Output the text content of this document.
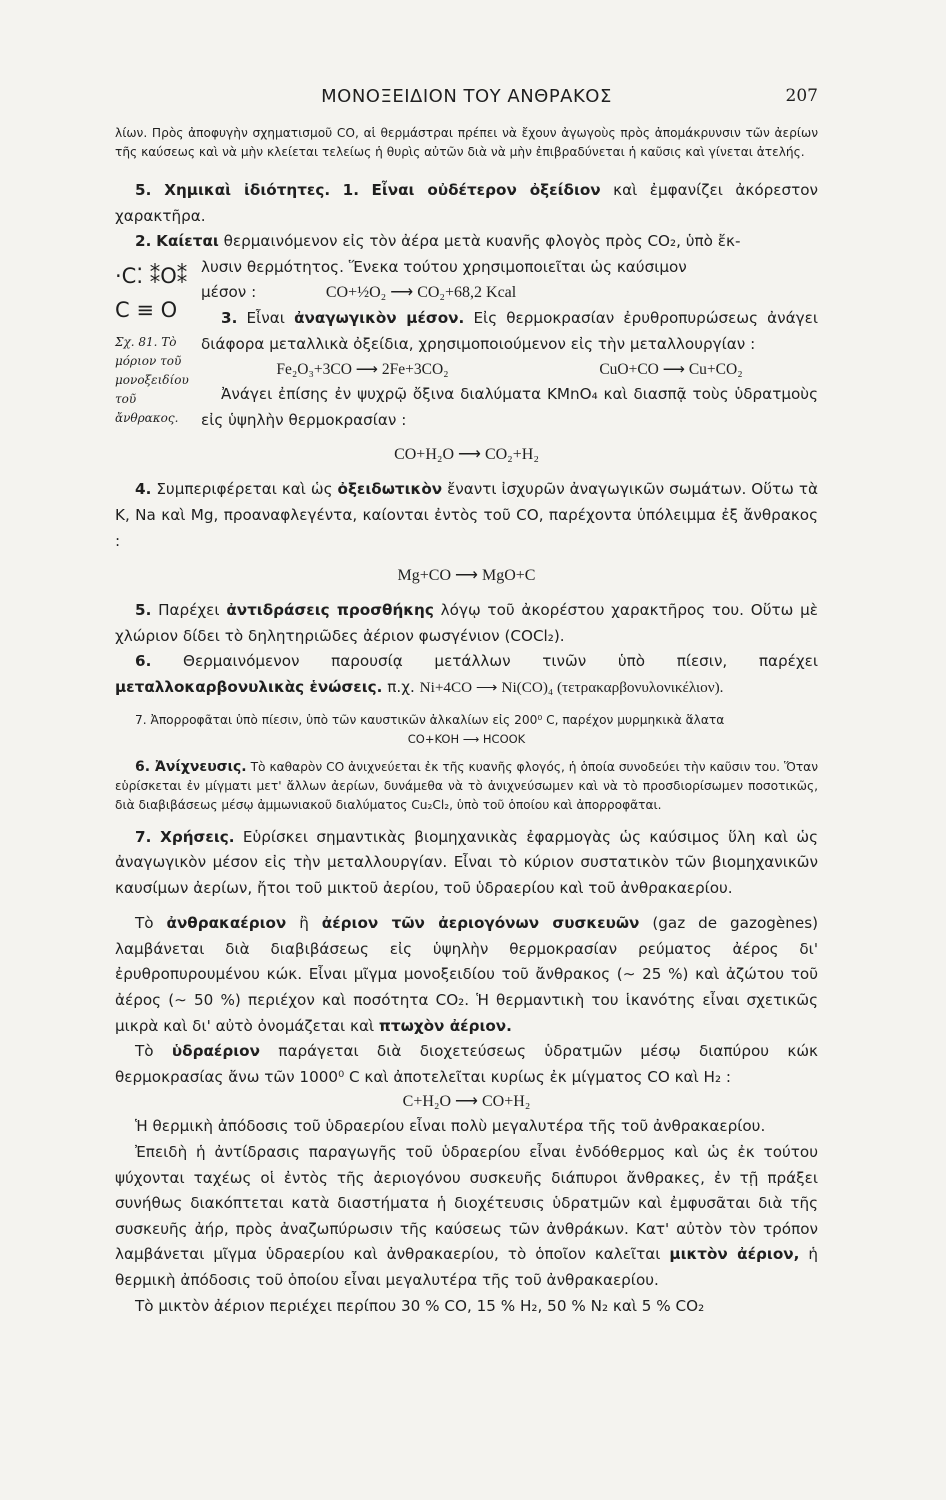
ΜΟΝΟΞΕΙΔΙΟΝ ΤΟΥ ΑΝΘΡΑΚΟΣ	207

λίων. Πρὸς ἀποφυγὴν σχηματισμοῦ CO, αἱ θερμάστραι πρέπει νὰ ἔχουν ἀγωγοὺς πρὸς ἀπομάκρυνσιν τῶν ἀερίων τῆς καύσεως καὶ νὰ μὴν κλείεται τελείως ἡ θυρὶς αὐτῶν διὰ νὰ μὴν ἐπιβραδύνεται ἡ καῦσις καὶ γίνεται ἀτελής.

5. Χημικαὶ ἰδιότητες. 1. Εἶναι οὐδέτερον ὀξείδιον καὶ ἐμφανίζει ἀκόρεστον χαρακτῆρα.

2. Καίεται θερμαινόμενον εἰς τὸν ἀέρα μετὰ κυανῆς φλογὸς πρὸς CO₂, ὑπὸ ἔκ-

·C⁚ ⁑O⁑
C ≡ O
Σχ. 81. Τὸ μόριον τοῦ μονοξειδίου τοῦ ἄνθρακος.

λυσιν θερμότητος. Ἕνεκα τούτου χρησιμοποιεῖται ὡς καύσιμον

μέσον :	CO+½O₂ ⟶ CO₂+68,2 Kcal

3. Εἶναι ἀναγωγικὸν μέσον. Εἰς θερμοκρασίαν ἐρυθροπυρώσεως ἀνάγει διάφορα μεταλλικὰ ὀξείδια, χρησιμοποιούμενον εἰς τὴν μεταλλουργίαν :

Fe₂O₃+3CO ⟶ 2Fe+3CO₂	CuO+CO ⟶ Cu+CO₂

Ἀνάγει ἐπίσης ἐν ψυχρῷ ὄξινα διαλύματα KMnO₄ καὶ διασπᾷ τοὺς ὑδρατμοὺς εἰς ὑψηλὴν θερμοκρασίαν :

CO+H₂O ⟶ CO₂+H₂

4. Συμπεριφέρεται καὶ ὡς ὀξειδωτικὸν ἔναντι ἰσχυρῶν ἀναγωγικῶν σωμάτων. Οὕτω τὰ K, Na καὶ Mg, προαναφλεγέντα, καίονται ἐντὸς τοῦ CO, παρέχοντα ὑπόλειμμα ἐξ ἄνθρακος :

Mg+CO ⟶ MgO+C

5. Παρέχει ἀντιδράσεις προσθήκης λόγῳ τοῦ ἀκορέστου χαρακτῆρος του. Οὕτω μὲ χλώριον δίδει τὸ δηλητηριῶδες ἀέριον φωσγένιον (COCl₂).

6. Θερμαινόμενον παρουσίᾳ μετάλλων τινῶν ὑπὸ πίεσιν, παρέχει μεταλλοκαρβονυλικὰς ἑνώσεις. π.χ. Ni+4CO ⟶ Ni(CO)₄ (τετρακαρβονυλονικέλιον).

7. Ἀπορροφᾶται ὑπὸ πίεσιν, ὑπὸ τῶν καυστικῶν ἀλκαλίων εἰς 200⁰ C, παρέχον μυρμηκικὰ ἅλατα

CO+KOH ⟶ HCOOK

6. Ἀνίχνευσις. Τὸ καθαρὸν CO ἀνιχνεύεται ἐκ τῆς κυανῆς φλογός, ἡ ὁποία συνοδεύει τὴν καῦσιν του. Ὅταν εὑρίσκεται ἐν μίγματι μετ' ἄλλων ἀερίων, δυνάμεθα νὰ τὸ ἀνιχνεύσωμεν καὶ νὰ τὸ προσδιορίσωμεν ποσοτικῶς, διὰ διαβιβάσεως μέσῳ ἀμμωνιακοῦ διαλύματος Cu₂Cl₂, ὑπὸ τοῦ ὁποίου καὶ ἀπορροφᾶται.

7. Χρήσεις. Εὑρίσκει σημαντικὰς βιομηχανικὰς ἐφαρμογὰς ὡς καύσιμος ὕλη καὶ ὡς ἀναγωγικὸν μέσον εἰς τὴν μεταλλουργίαν. Εἶναι τὸ κύριον συστατικὸν τῶν βιομηχανικῶν καυσίμων ἀερίων, ἤτοι τοῦ μικτοῦ ἀερίου, τοῦ ὑδραερίου καὶ τοῦ ἀνθρακαερίου.

Τὸ ἀνθρακαέριον ἢ ἀέριον τῶν ἀεριογόνων συσκευῶν (gaz de gazogènes) λαμβάνεται διὰ διαβιβάσεως εἰς ὑψηλὴν θερμοκρασίαν ρεύματος ἀέρος δι' ἐρυθροπυρουμένου κώκ. Εἶναι μῖγμα μονοξειδίου τοῦ ἄνθρακος (∼ 25 %) καὶ ἀζώτου τοῦ ἀέρος (∼ 50 %) περιέχον καὶ ποσότητα CO₂. Ἡ θερμαντικὴ του ἱκανότης εἶναι σχετικῶς μικρὰ καὶ δι' αὐτὸ ὀνομάζεται καὶ πτωχὸν ἀέριον.

Τὸ ὑδραέριον παράγεται διὰ διοχετεύσεως ὑδρατμῶν μέσῳ διαπύρου κώκ θερμοκρασίας ἄνω τῶν 1000⁰ C καὶ ἀποτελεῖται κυρίως ἐκ μίγματος CO καὶ H₂ :

C+H₂O ⟶ CO+H₂

Ἡ θερμικὴ ἀπόδοσις τοῦ ὑδραερίου εἶναι πολὺ μεγαλυτέρα τῆς τοῦ ἀνθρακαερίου.

Ἐπειδὴ ἡ ἀντίδρασις παραγωγῆς τοῦ ὑδραερίου εἶναι ἐνδόθερμος καὶ ὡς ἐκ τούτου ψύχονται ταχέως οἱ ἐντὸς τῆς ἀεριογόνου συσκευῆς διάπυροι ἄνθρακες, ἐν τῇ πράξει συνήθως διακόπτεται κατὰ διαστήματα ἡ διοχέτευσις ὑδρατμῶν καὶ ἐμφυσᾶται διὰ τῆς συσκευῆς ἀήρ, πρὸς ἀναζωπύρωσιν τῆς καύσεως τῶν ἀνθράκων. Κατ' αὐτὸν τὸν τρόπον λαμβάνεται μῖγμα ὑδραερίου καὶ ἀνθρακαερίου, τὸ ὁποῖον καλεῖται μικτὸν ἀέριον, ἡ θερμικὴ ἀπόδοσις τοῦ ὁποίου εἶναι μεγαλυτέρα τῆς τοῦ ἀνθρακαερίου.

Τὸ μικτὸν ἀέριον περιέχει περίπου 30 % CO, 15 % H₂, 50 % N₂ καὶ 5 % CO₂
